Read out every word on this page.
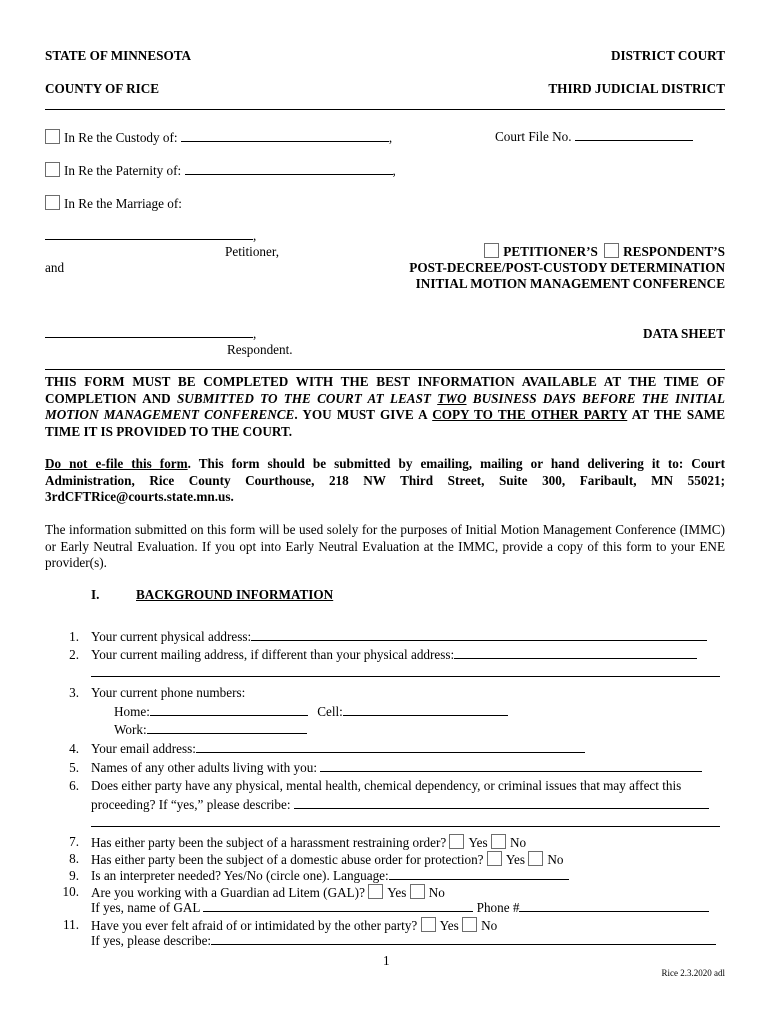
STATE OF MINNESOTA	DISTRICT COURT
COUNTY OF RICE	THIRD JUDICIAL DISTRICT
In Re the Custody of:	,	Court File No.
In Re the Paternity of:	,
In Re the Marriage of:
,
Petitioner,
and
PETITIONER’S RESPONDENT’S
POST-DECREE/POST-CUSTODY DETERMINATION
INITIAL MOTION MANAGEMENT CONFERENCE
,
Respondent.
DATA SHEET
THIS FORM MUST BE COMPLETED WITH THE BEST INFORMATION AVAILABLE AT THE TIME OF COMPLETION AND SUBMITTED TO THE COURT AT LEAST TWO BUSINESS DAYS BEFORE THE INITIAL MOTION MANAGEMENT CONFERENCE. YOU MUST GIVE A COPY TO THE OTHER PARTY AT THE SAME TIME IT IS PROVIDED TO THE COURT.
Do not e-file this form. This form should be submitted by emailing, mailing or hand delivering it to: Court Administration, Rice County Courthouse, 218 NW Third Street, Suite 300, Faribault, MN 55021; 3rdCFTRice@courts.state.mn.us.
The information submitted on this form will be used solely for the purposes of Initial Motion Management Conference (IMMC) or Early Neutral Evaluation. If you opt into Early Neutral Evaluation at the IMMC, provide a copy of this form to your ENE provider(s).
I.	BACKGROUND INFORMATION
1. Your current physical address:
2. Your current mailing address, if different than your physical address:
3. Your current phone numbers:
Home:	Cell:
Work:
4. Your email address:
5. Names of any other adults living with you:
6. Does either party have any physical, mental health, chemical dependency, or criminal issues that may affect this
proceeding? If “yes,” please describe:
7. Has either party been the subject of a harassment restraining order? Yes No
8. Has either party been the subject of a domestic abuse order for protection? Yes No
9. Is an interpreter needed? Yes/No (circle one). Language:
10. Are you working with a Guardian ad Litem (GAL)? Yes No
If yes, name of GAL	Phone #
11. Have you ever felt afraid of or intimidated by the other party? Yes No
If yes, please describe:
1
Rice 2.3.2020 adl
